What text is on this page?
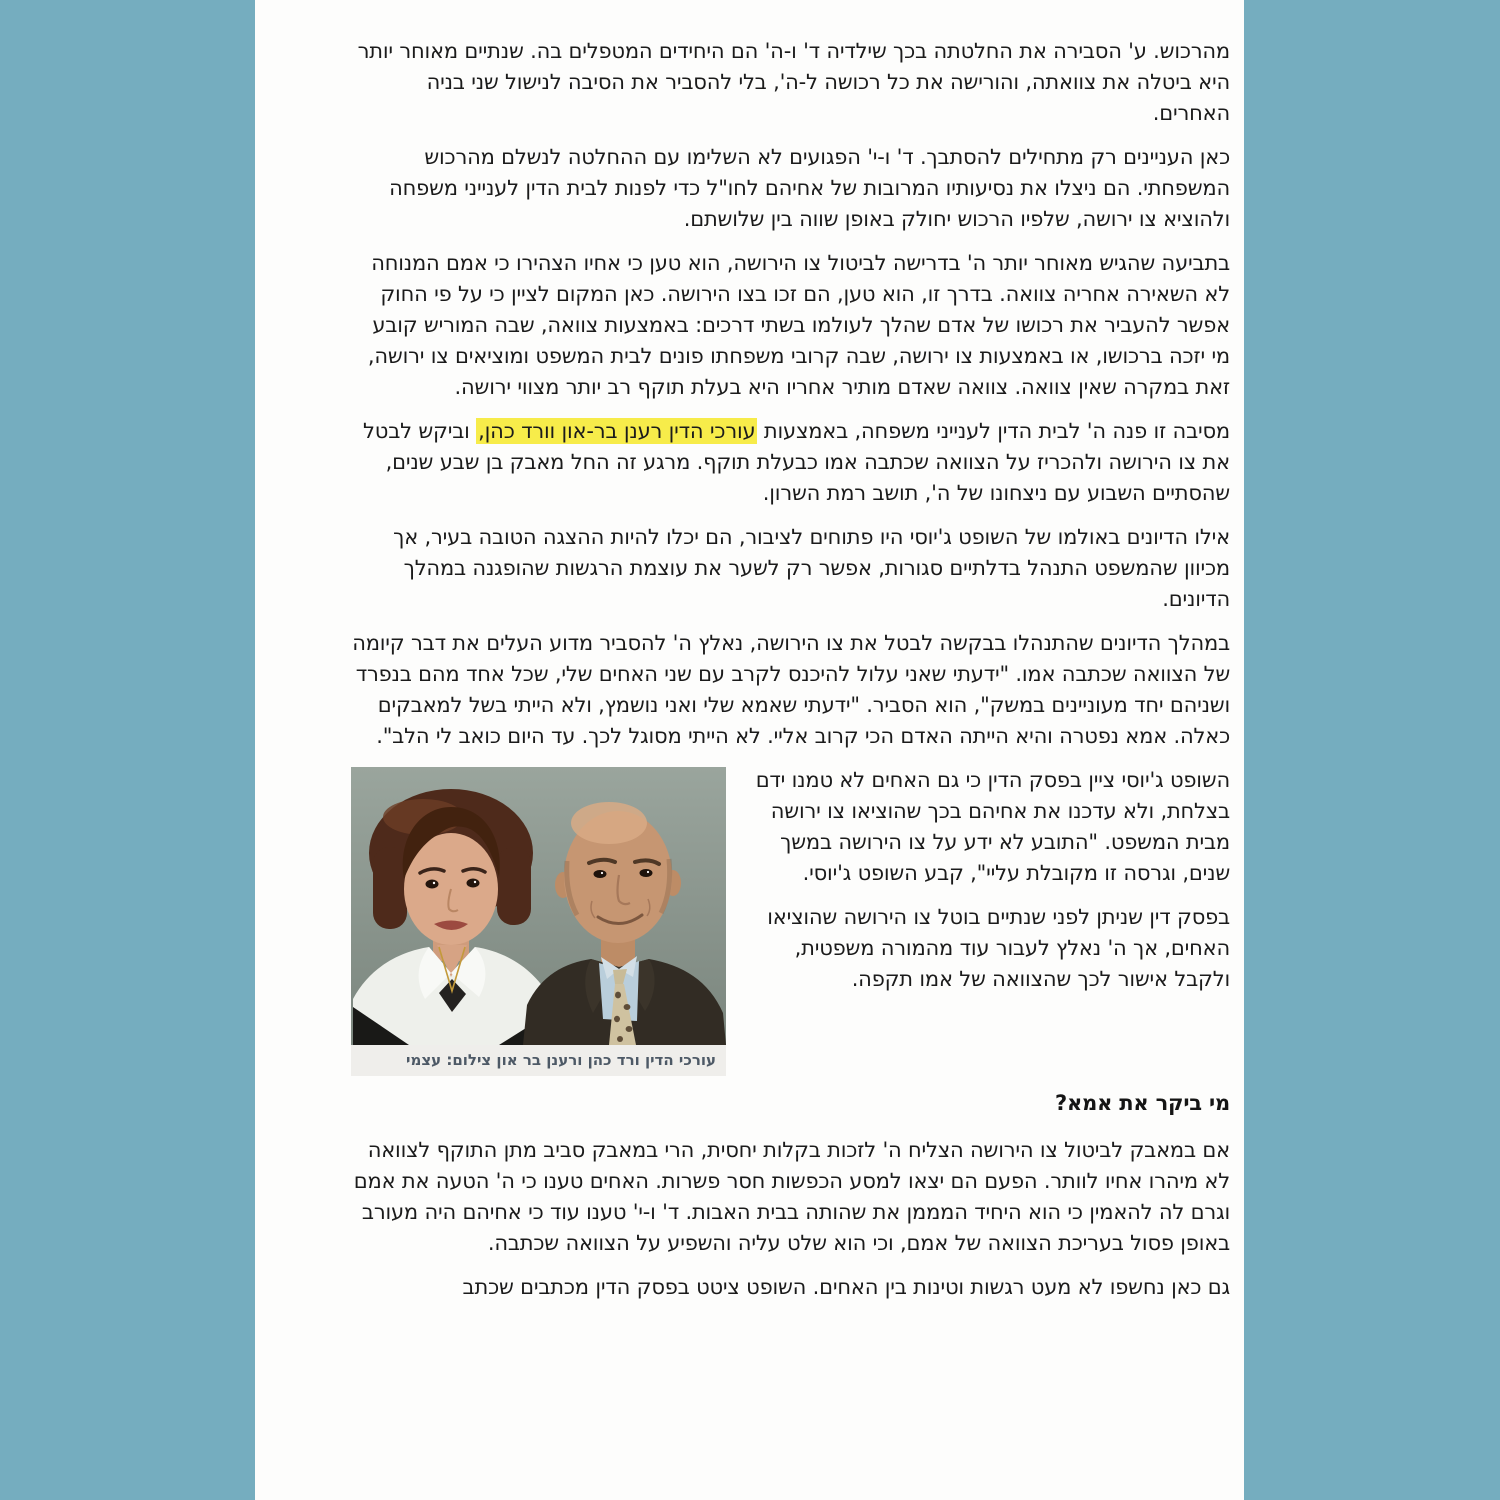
מהרכוש. ע' הסבירה את החלטתה בכך שילדיה ד' ו-ה' הם היחידים המטפלים בה. שנתיים מאוחר יותר היא ביטלה את צוואתה, והורישה את כל רכושה ל-ה', בלי להסביר את הסיבה לנישול שני בניה האחרים.

כאן העניינים רק מתחילים להסתבך. ד' ו-י' הפגועים לא השלימו עם ההחלטה לנשלם מהרכוש המשפחתי. הם ניצלו את נסיעותיו המרובות של אחיהם לחו"ל כדי לפנות לבית הדין לענייני משפחה ולהוציא צו ירושה, שלפיו הרכוש יחולק באופן שווה בין שלושתם.

בתביעה שהגיש מאוחר יותר ה' בדרישה לביטול צו הירושה, הוא טען כי אחיו הצהירו כי אמם המנוחה לא השאירה אחריה צוואה. בדרך זו, הוא טען, הם זכו בצו הירושה. כאן המקום לציין כי על פי החוק אפשר להעביר את רכושו של אדם שהלך לעולמו בשתי דרכים: באמצעות צוואה, שבה המוריש קובע מי יזכה ברכושו, או באמצעות צו ירושה, שבה קרובי משפחתו פונים לבית המשפט ומוציאים צו ירושה, זאת במקרה שאין צוואה. צוואה שאדם מותיר אחריו היא בעלת תוקף רב יותר מצווי ירושה.

מסיבה זו פנה ה' לבית הדין לענייני משפחה, באמצעות עורכי הדין רענן בר-און וורד כהן, וביקש לבטל את צו הירושה ולהכריז על הצוואה שכתבה אמו כבעלת תוקף. מרגע זה החל מאבק בן שבע שנים, שהסתיים השבוע עם ניצחונו של ה', תושב רמת השרון.

אילו הדיונים באולמו של השופט ג'יוסי היו פתוחים לציבור, הם יכלו להיות ההצגה הטובה בעיר, אך מכיוון שהמשפט התנהל בדלתיים סגורות, אפשר רק לשער את עוצמת הרגשות שהופגנה במהלך הדיונים.

במהלך הדיונים שהתנהלו בבקשה לבטל את צו הירושה, נאלץ ה' להסביר מדוע העלים את דבר קיומה של הצוואה שכתבה אמו. "ידעתי שאני עלול להיכנס לקרב עם שני האחים שלי, שכל אחד מהם בנפרד ושניהם יחד מעוניינים במשק", הוא הסביר. "ידעתי שאמא שלי ואני נושמץ, ולא הייתי בשל למאבקים כאלה. אמא נפטרה והיא הייתה האדם הכי קרוב אליי. לא הייתי מסוגל לכך. עד היום כואב לי הלב".

עורכי הדין ורד כהן ורענן בר און צילום: עצמי

השופט ג'יוסי ציין בפסק הדין כי גם האחים לא טמנו ידם בצלחת, ולא עדכנו את אחיהם בכך שהוציאו צו ירושה מבית המשפט. "התובע לא ידע על צו הירושה במשך שנים, וגרסה זו מקובלת עליי", קבע השופט ג'יוסי.

בפסק דין שניתן לפני שנתיים בוטל צו הירושה שהוציאו האחים, אך ה' נאלץ לעבור עוד מהמורה משפטית, ולקבל אישור לכך שהצוואה של אמו תקפה.

מי ביקר את אמא?

אם במאבק לביטול צו הירושה הצליח ה' לזכות בקלות יחסית, הרי במאבק סביב מתן התוקף לצוואה לא מיהרו אחיו לוותר. הפעם הם יצאו למסע הכפשות חסר פשרות. האחים טענו כי ה' הטעה את אמם וגרם לה להאמין כי הוא היחיד המממן את שהותה בבית האבות. ד' ו-י' טענו עוד כי אחיהם היה מעורב באופן פסול בעריכת הצוואה של אמם, וכי הוא שלט עליה והשפיע על הצוואה שכתבה.

גם כאן נחשפו לא מעט רגשות וטינות בין האחים. השופט ציטט בפסק הדין מכתבים שכתב
